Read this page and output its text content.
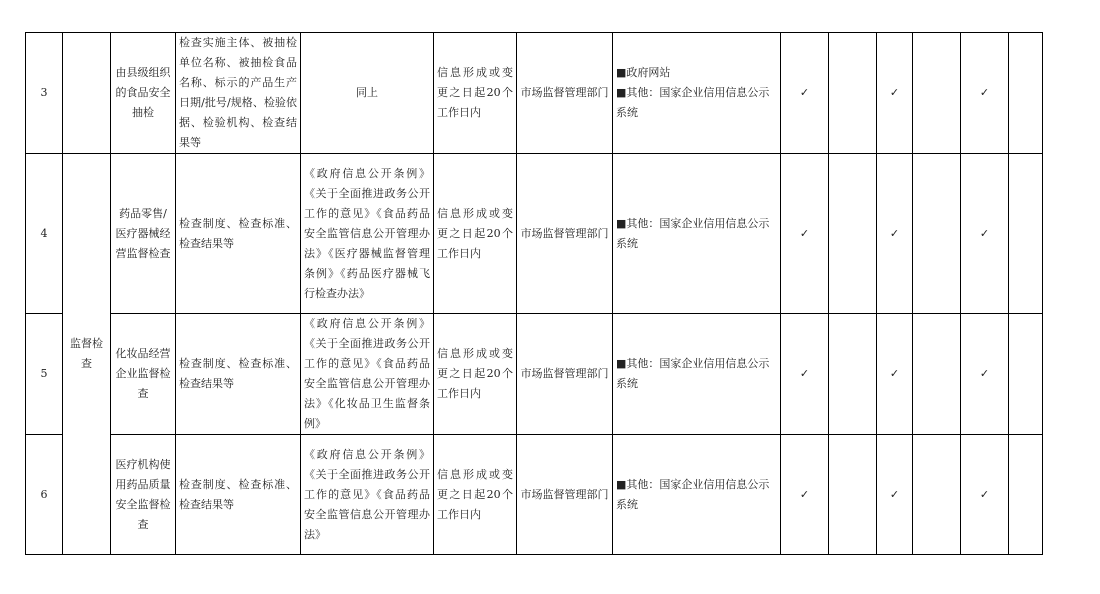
3		由县级组织的食品安全抽检	检查实施主体、被抽检单位名称、被抽检食品名称、标示的产品生产日期/批号/规格、检验依据、检验机构、检查结果等	同上	信息形成或变更之日起20个工作日内	市场监督管理部门	■政府网站
■其他：国家企业信用信息公示系统	✓		✓		✓	
4	监督检查	药品零售/医疗器械经营监督检查	检查制度、检查标准、检查结果等	《政府信息公开条例》《关于全面推进政务公开工作的意见》《食品药品安全监管信息公开管理办法》《医疗器械监督管理条例》《药品医疗器械飞行检查办法》	信息形成或变更之日起20个工作日内	市场监督管理部门	■其他：国家企业信用信息公示系统	✓		✓		✓	
5		化妆品经营企业监督检查	检查制度、检查标准、检查结果等	《政府信息公开条例》《关于全面推进政务公开工作的意见》《食品药品安全监管信息公开管理办法》《化妆品卫生监督条例》	信息形成或变更之日起20个工作日内	市场监督管理部门	■其他：国家企业信用信息公示系统	✓		✓		✓	
6		医疗机构使用药品质量安全监督检查	检查制度、检查标准、检查结果等	《政府信息公开条例》《关于全面推进政务公开工作的意见》《食品药品安全监管信息公开管理办法》	信息形成或变更之日起20个工作日内	市场监督管理部门	■其他：国家企业信用信息公示系统	✓		✓		✓	
